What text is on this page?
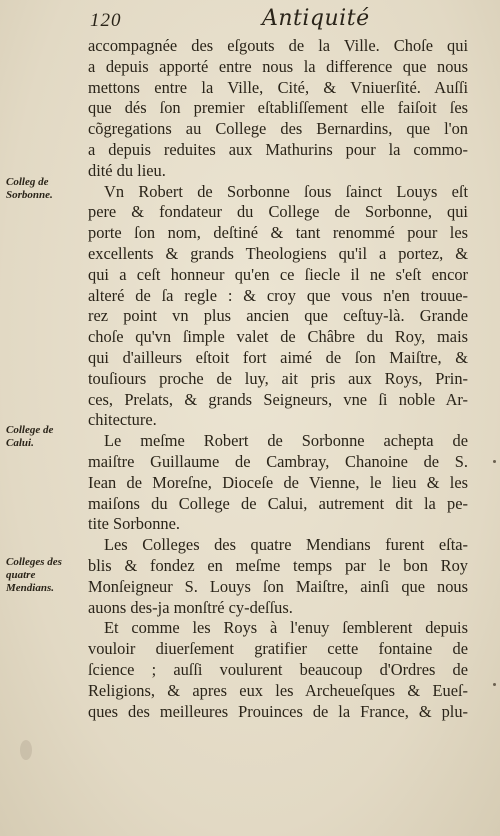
120	Antiquité
Colleg de
Sorbonne.
College de
Calui.
Colleges des
quatre
Mendians.
accompagnée des eſgouts de la Ville. Choſe qui
a depuis apporté entre nous la difference que nous
mettons entre la Ville, Cité, & Vniuerſité. Auſſi
que dés ſon premier eſtabliſſement elle faiſoit ſes
cõgregations au College des Bernardins, que l'on
a depuis reduites aux Mathurins pour la commo-
dité du lieu.
Vn Robert de Sorbonne ſous ſainct Louys eſt
pere & fondateur du College de Sorbonne, qui
porte ſon nom, deſtiné & tant renommé pour les
excellents & grands Theologiens qu'il a portez, &
qui a ceſt honneur qu'en ce ſiecle il ne s'eſt encor
alteré de ſa regle : & croy que vous n'en trouue-
rez point vn plus ancien que ceſtuy-là. Grande
choſe qu'vn ſimple valet de Châbre du Roy, mais
qui d'ailleurs eſtoit fort aimé de ſon Maiſtre, &
touſiours proche de luy, ait pris aux Roys, Prin-
ces, Prelats, & grands Seigneurs, vne ſi noble Ar-
chitecture.
Le meſme Robert de Sorbonne achepta de
maiſtre Guillaume de Cambray, Chanoine de S.
Iean de Moreſne, Dioceſe de Vienne, le lieu & les
maiſons du College de Calui, autrement dit la pe-
tite Sorbonne.
Les Colleges des quatre Mendians furent eſta-
blis & fondez en meſme temps par le bon Roy
Monſeigneur S. Louys ſon Maiſtre, ainſi que nous
auons des-ja monſtré cy-deſſus.
Et comme les Roys à l'enuy ſemblerent depuis
vouloir diuerſement gratifier cette fontaine de
ſcience ; auſſi voulurent beaucoup d'Ordres de
Religions, & apres eux les Archeueſques & Eueſ-
ques des meilleures Prouinces de la France, & plu-
